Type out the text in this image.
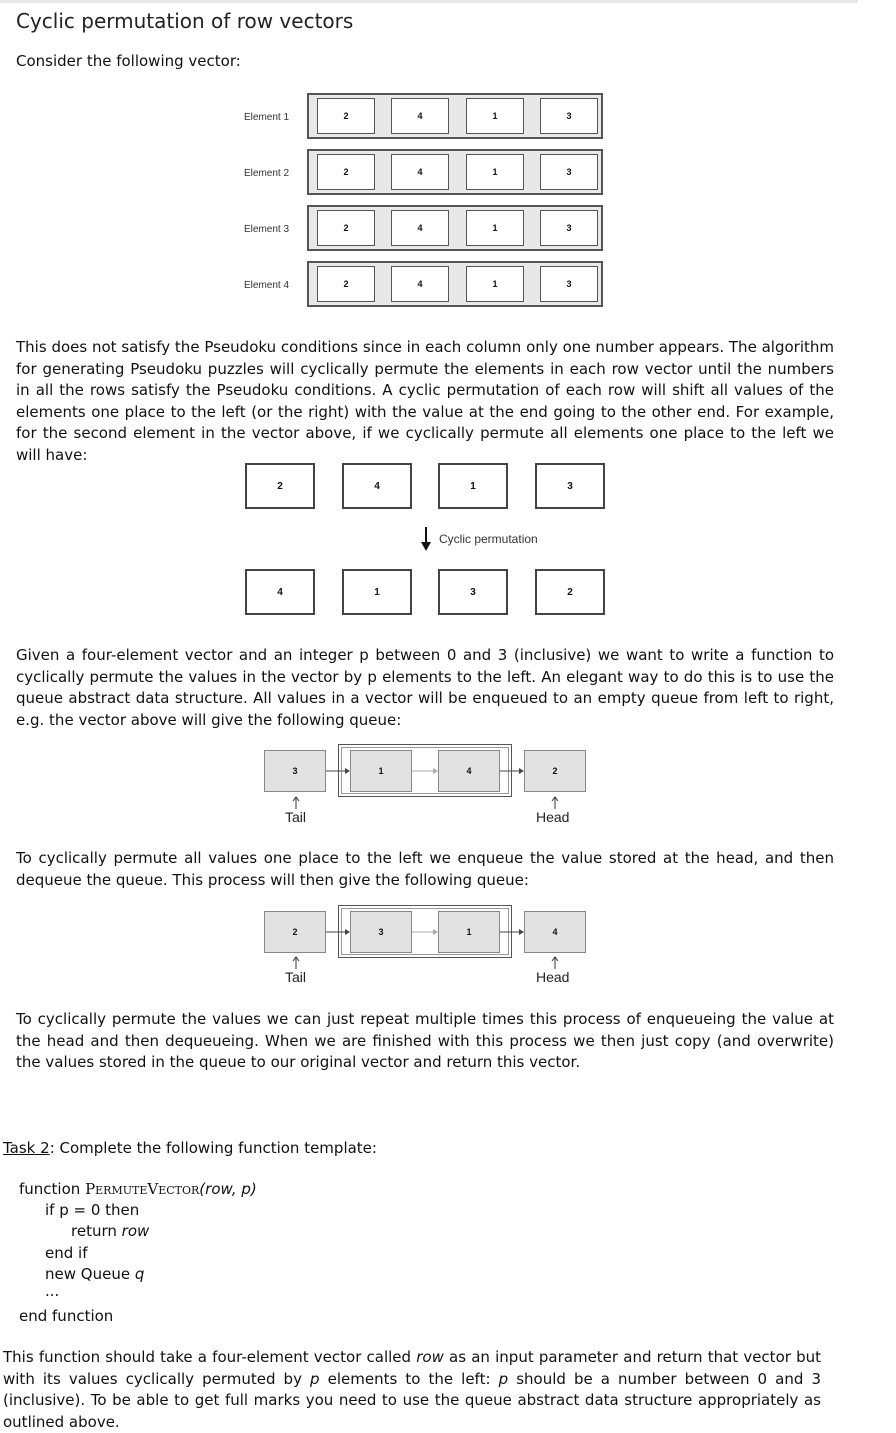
Cyclic permutation of row vectors
Consider the following vector:
Element 1	2	4	1	3
Element 2	2	4	1	3
Element 3	2	4	1	3
Element 4	2	4	1	3

This does not satisfy the Pseudoku conditions since in each column only one number appears. The algorithm for generating Pseudoku puzzles will cyclically permute the elements in each row vector until the numbers in all the rows satisfy the Pseudoku conditions. A cyclic permutation of each row will shift all values of the elements one place to the left (or the right) with the value at the end going to the other end. For example, for the second element in the vector above, if we cyclically permute all elements one place to the left we will have:

2	4	1	3
Cyclic permutation
4	1	3	2

Given a four-element vector and an integer p between 0 and 3 (inclusive) we want to write a function to cyclically permute the values in the vector by p elements to the left. An elegant way to do this is to use the queue abstract data structure. All values in a vector will be enqueued to an empty queue from left to right, e.g. the vector above will give the following queue:

3	1	4	2
Tail	Head

To cyclically permute all values one place to the left we enqueue the value stored at the head, and then dequeue the queue. This process will then give the following queue:

2	3	1	4
Tail	Head

To cyclically permute the values we can just repeat multiple times this process of enqueueing the value at the head and then dequeueing. When we are finished with this process we then just copy (and overwrite) the values stored in the queue to our original vector and return this vector.

Task 2: Complete the following function template:
function PermuteVector(row, p)
if p = 0 then
return row
end if
new Queue q
...
end function

This function should take a four-element vector called row as an input parameter and return that vector but with its values cyclically permuted by p elements to the left: p should be a number between 0 and 3 (inclusive). To be able to get full marks you need to use the queue abstract data structure appropriately as outlined above.
